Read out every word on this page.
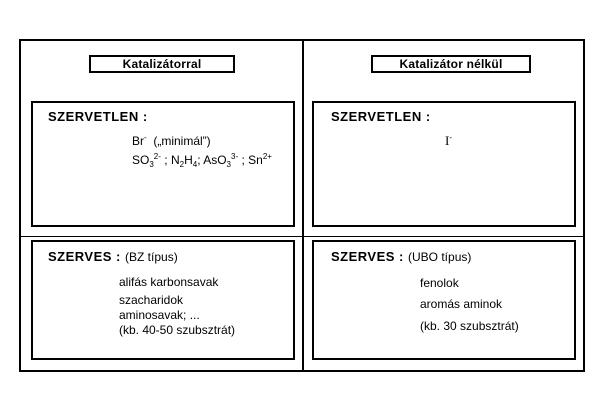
Katalizátorral	Katalizátor nélkül
SZERVETLEN :
Br- („minimál”)
$SO_3^{2-}$ ; $N_2H_4$; AsO$_3^{3-}$ ; $Sn^{2+}$
SZERVETLEN :
I-
SZERVES : (BZ típus)
alifás karbonsavak
szacharidok
aminosavak; ...
(kb. 40-50 szubsztrát)
SZERVES : (UBO típus)
fenolok
aromás aminok
(kb. 30 szubsztrát)
